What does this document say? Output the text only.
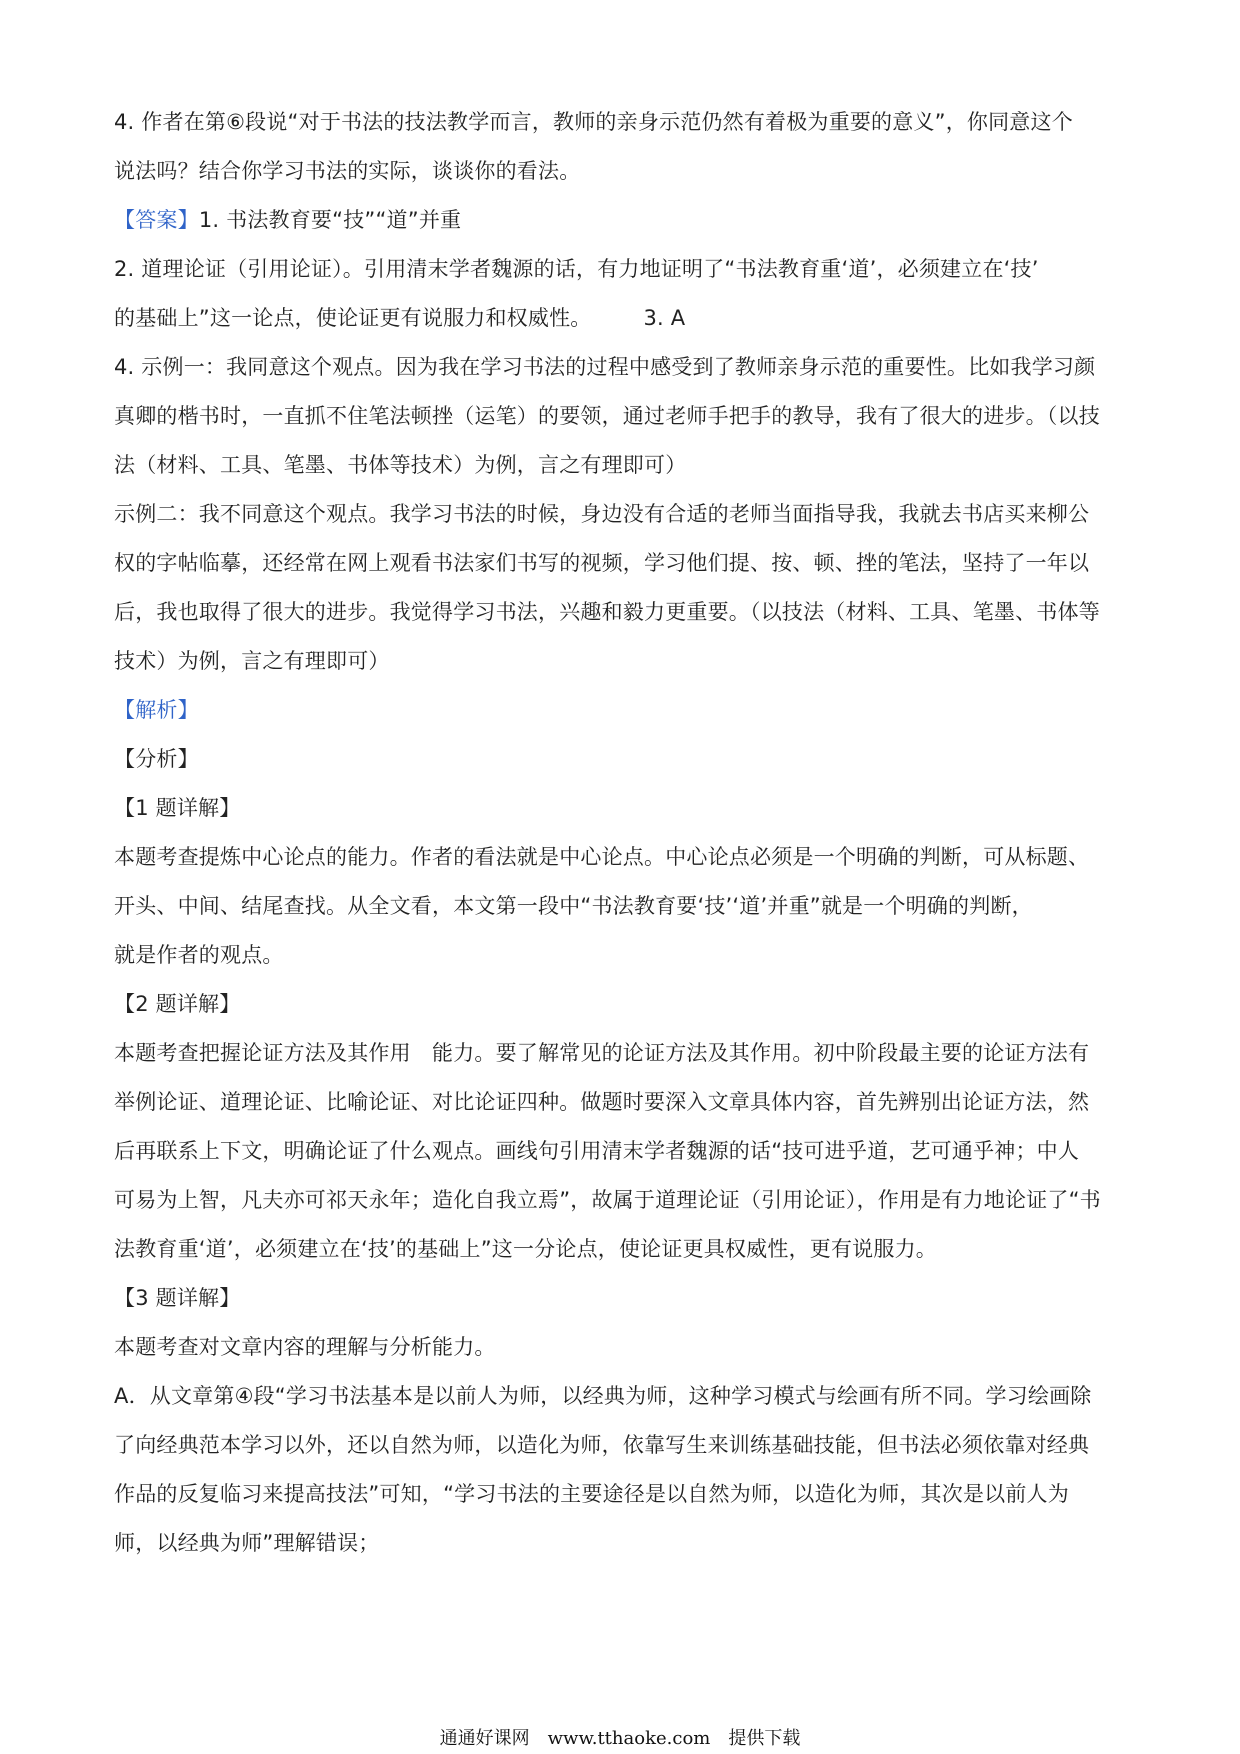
4. 作者在第⑥段说“对于书法的技法教学而言，教师的亲身示范仍然有着极为重要的意义”，你同意这个
说法吗？结合你学习书法的实际，谈谈你的看法。
【答案】1. 书法教育要“技”“道”并重
2. 道理论证（引用论证）。引用清末学者魏源的话，有力地证明了“书法教育重‘道’，必须建立在‘技’
的基础上”这一论点，使论证更有说服力和权威性。 3. A
4. 示例一：我同意这个观点。因为我在学习书法的过程中感受到了教师亲身示范的重要性。比如我学习颜
真卿的楷书时，一直抓不住笔法顿挫（运笔）的要领，通过老师手把手的教导，我有了很大的进步。（以技
法（材料、工具、笔墨、书体等技术）为例，言之有理即可）
示例二：我不同意这个观点。我学习书法的时候，身边没有合适的老师当面指导我，我就去书店买来柳公
权的字帖临摹，还经常在网上观看书法家们书写的视频，学习他们提、按、顿、挫的笔法，坚持了一年以
后，我也取得了很大的进步。我觉得学习书法，兴趣和毅力更重要。（以技法（材料、工具、笔墨、书体等
技术）为例，言之有理即可）
【解析】
【分析】
【1 题详解】
本题考查提炼中心论点的能力。作者的看法就是中心论点。中心论点必须是一个明确的判断，可从标题、
开头、中间、结尾查找。从全文看，本文第一段中“书法教育要‘技’‘道’并重”就是一个明确的判断，
就是作者的观点。
【2 题详解】
本题考查把握论证方法及其作用　能力。要了解常见的论证方法及其作用。初中阶段最主要的论证方法有
举例论证、道理论证、比喻论证、对比论证四种。做题时要深入文章具体内容，首先辨别出论证方法，然
后再联系上下文，明确论证了什么观点。画线句引用清末学者魏源的话“技可进乎道，艺可通乎神；中人
可易为上智，凡夫亦可祁天永年；造化自我立焉”，故属于道理论证（引用论证），作用是有力地论证了“书
法教育重‘道’，必须建立在‘技’的基础上”这一分论点，使论证更具权威性，更有说服力。
【3 题详解】
本题考查对文章内容的理解与分析能力。
A．从文章第④段“学习书法基本是以前人为师，以经典为师，这种学习模式与绘画有所不同。学习绘画除
了向经典范本学习以外，还以自然为师，以造化为师，依靠写生来训练基础技能，但书法必须依靠对经典
作品的反复临习来提高技法”可知，“学习书法的主要途径是以自然为师，以造化为师，其次是以前人为
师，以经典为师”理解错误；
通通好课网　www.tthaoke.com　提供下载
